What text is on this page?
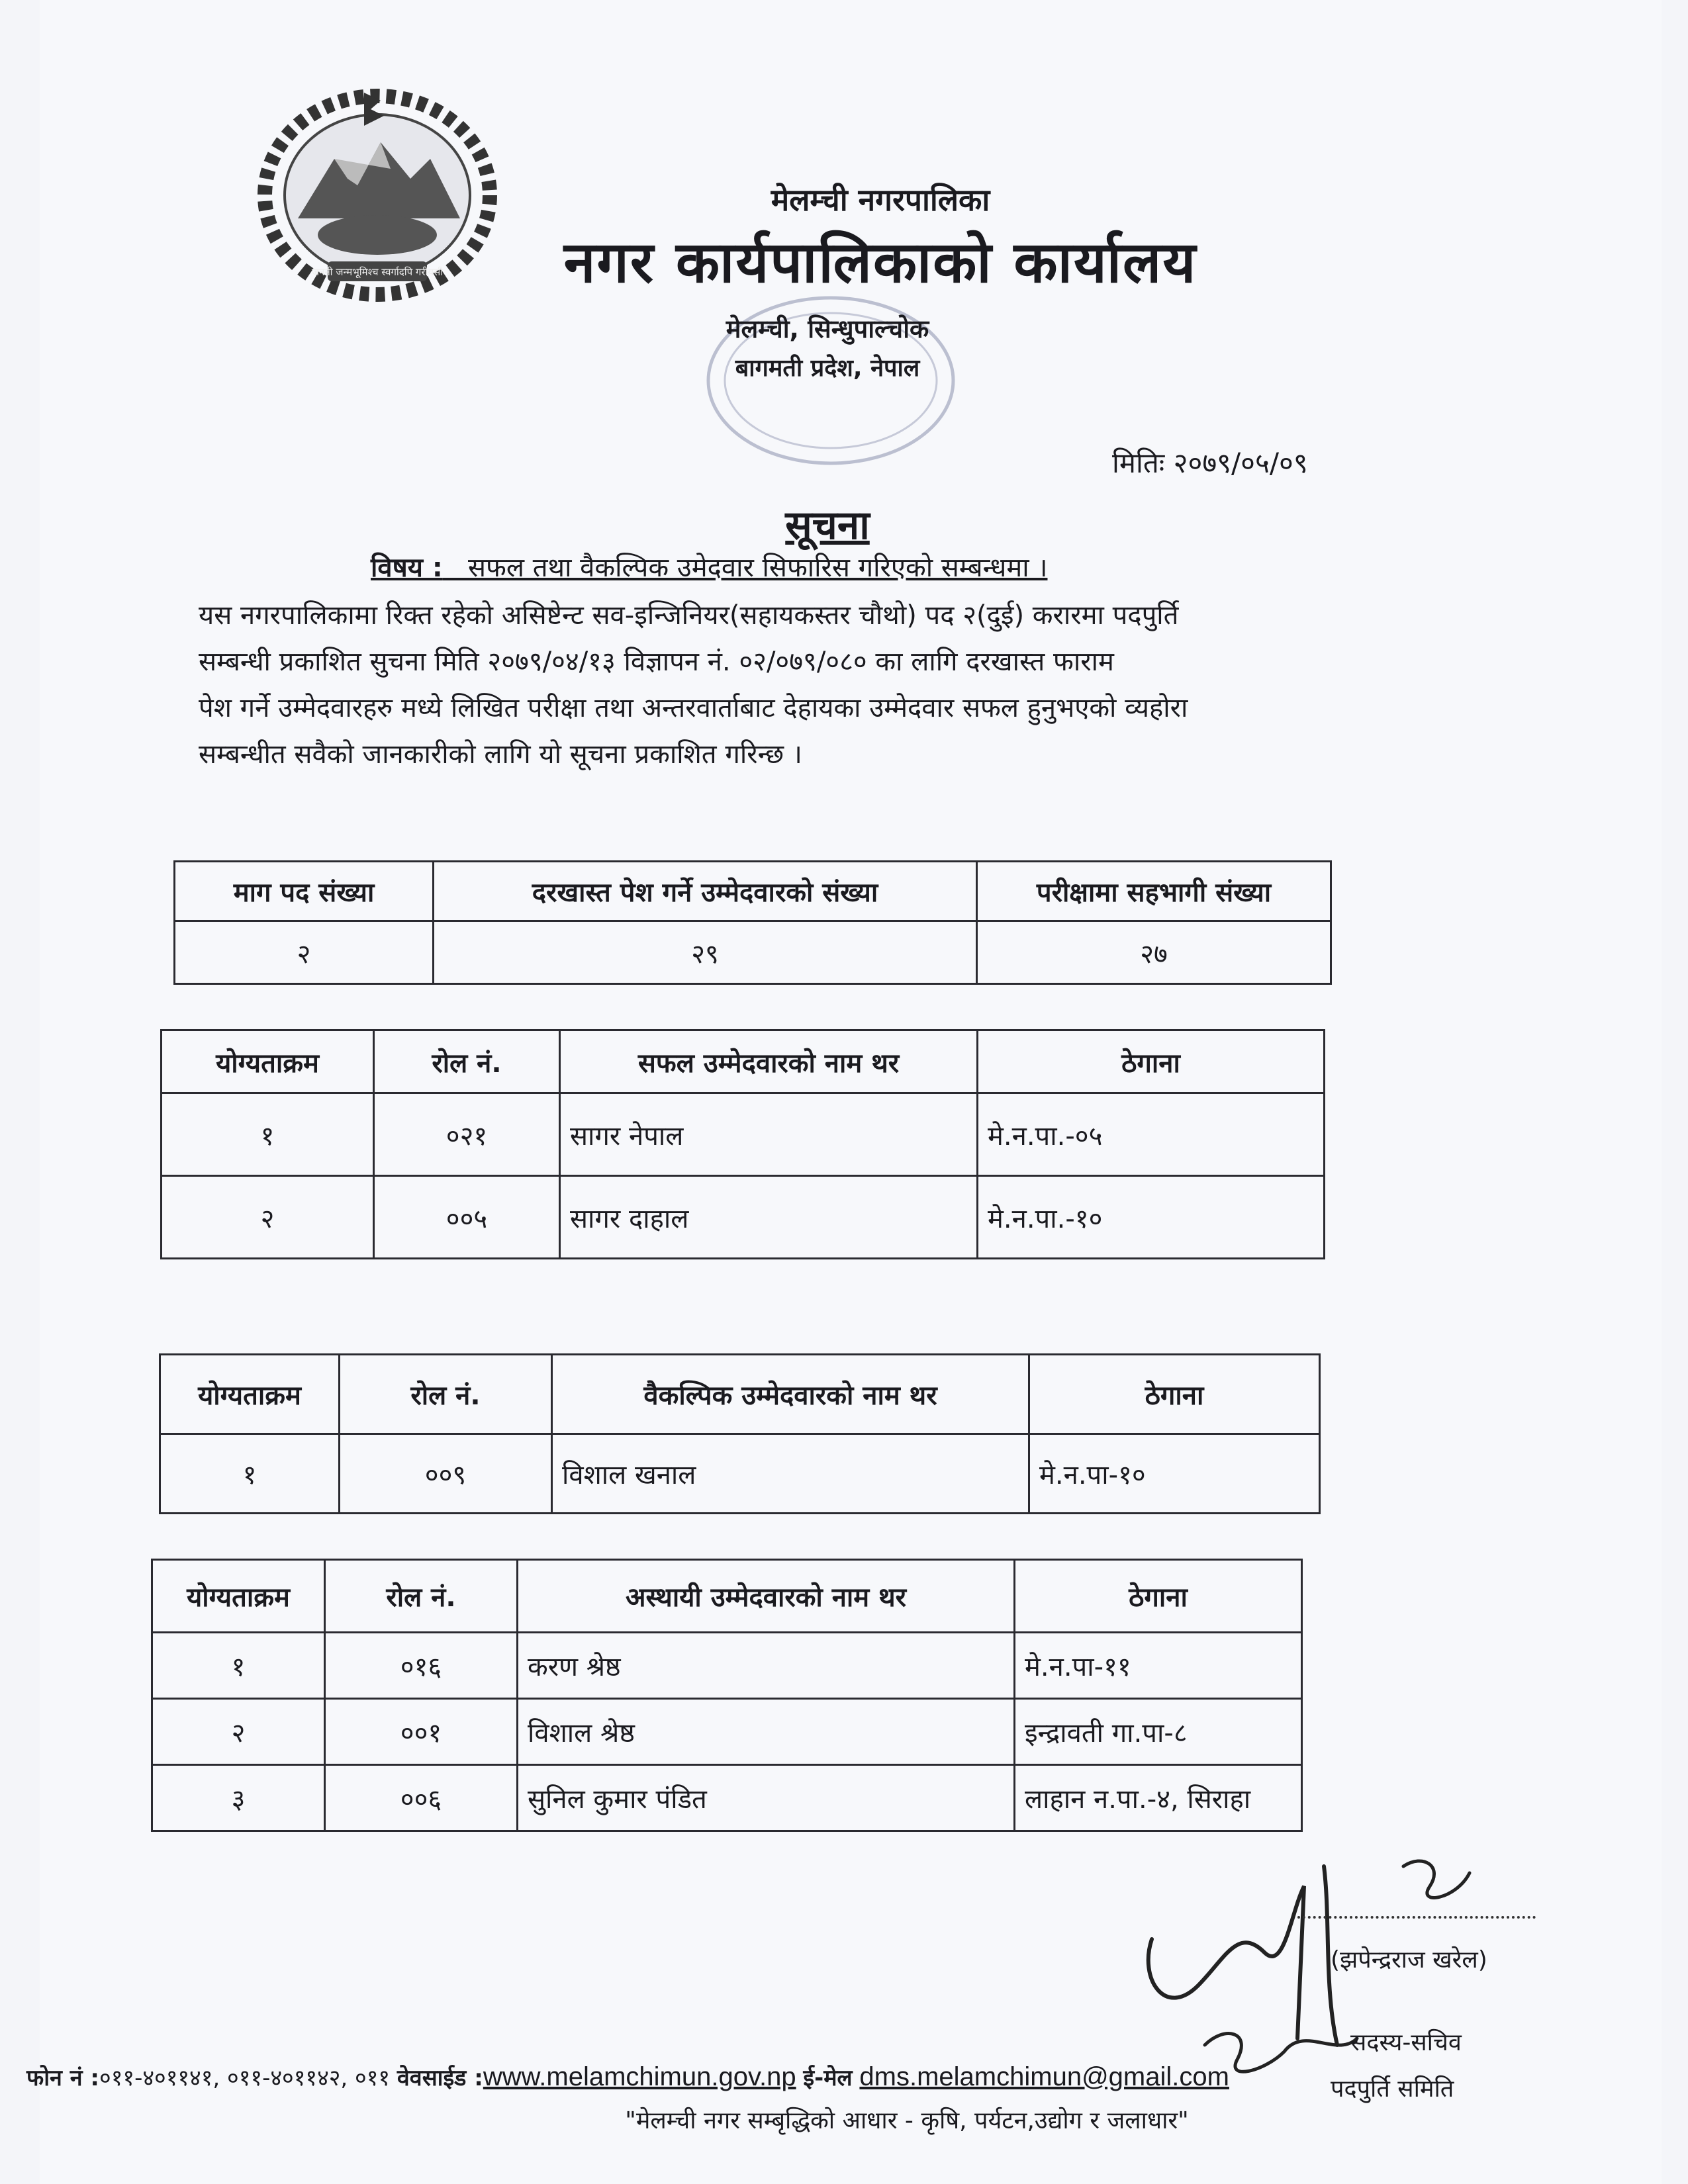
जननी जन्मभूमिश्च स्वर्गादपि गरीयसी
मेलम्ची नगरपालिका
नगर कार्यपालिकाको कार्यालय
मेलम्ची, सिन्धुपाल्चोक
बागमती प्रदेश, नेपाल
मितिः २०७९/०५/०९
सूचना
विषय : सफल तथा वैकल्पिक उमेदवार सिफारिस गरिएको सम्बन्धमा ।

यस नगरपालिकामा रिक्त रहेको असिष्टेन्ट सव-इन्जिनियर(सहायकस्तर चौथो) पद २(दुई) करारमा पदपुर्ति

सम्बन्धी प्रकाशित सुचना मिति २०७९/०४/१३ विज्ञापन नं. ०२/०७९/०८० का लागि दरखास्त फाराम

पेश गर्ने उम्मेदवारहरु मध्ये लिखित परीक्षा तथा अन्तरवार्ताबाट देहायका उम्मेदवार सफल हुनुभएको व्यहोरा

सम्बन्धीत सवैको जानकारीको लागि यो सूचना प्रकाशित गरिन्छ ।

माग पद संख्या	दरखास्त पेश गर्ने उम्मेदवारको संख्या	परीक्षामा सहभागी संख्या
२	२९	२७
योग्यताक्रम	रोल नं.	सफल उम्मेदवारको नाम थर	ठेगाना
१	०२१	सागर नेपाल	मे.न.पा.-०५
२	००५	सागर दाहाल	मे.न.पा.-१०
योग्यताक्रम	रोल नं.	वैकल्पिक उम्मेदवारको नाम थर	ठेगाना
१	००९	विशाल खनाल	मे.न.पा-१०
योग्यताक्रम	रोल नं.	अस्थायी उम्मेदवारको नाम थर	ठेगाना
१	०१६	करण श्रेष्ठ	मे.न.पा-११
२	००१	विशाल श्रेष्ठ	इन्द्रावती गा.पा-८
३	००६	सुनिल कुमार पंडित	लाहान न.पा.-४, सिराहा
(झपेन्द्रराज खरेल)
सदस्य-सचिव
पदपुर्ति समिति
फोन नं :०११-४०११४१, ०११-४०११४२, ०११ वेवसाईड :www.melamchimun.gov.np ई-मेल dms.melamchimun@gmail.com
"मेलम्ची नगर सम्बृद्धिको आधार - कृषि, पर्यटन,उद्योग र जलाधार"
